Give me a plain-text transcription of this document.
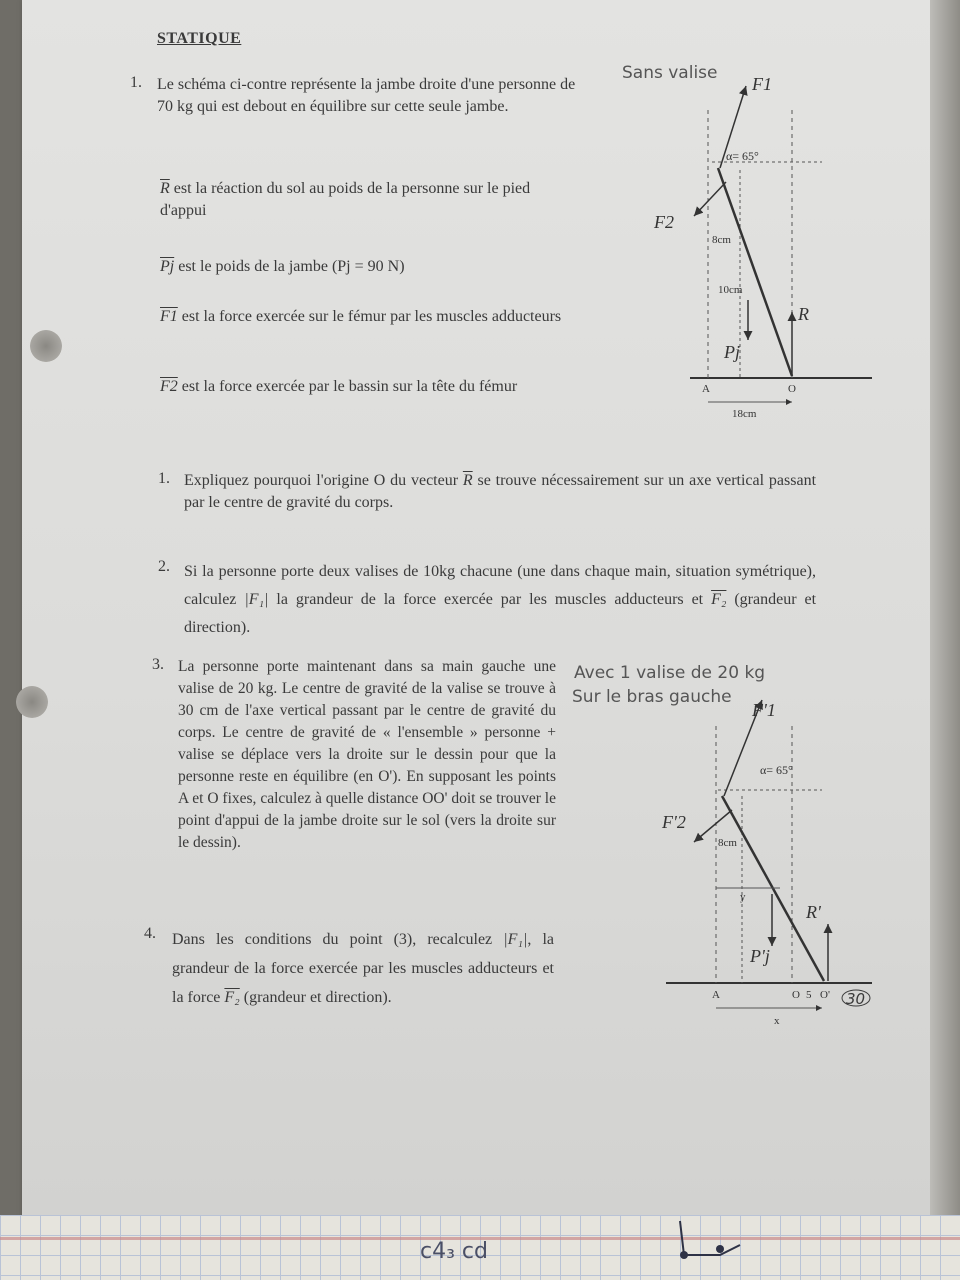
STATIQUE
1. Le schéma ci-contre représente la jambe droite d'une personne de 70 kg qui est debout en équilibre sur cette seule jambe.
$\overline{R}$ est la réaction du sol au poids de la personne sur le pied d'appui
$\overline{Pj}$ est le poids de la jambe (Pj = 90 N)
F1 est la force exercée sur le fémur par les muscles adducteurs
F2 est la force exercée par le bassin sur la tête du fémur
1. Expliquez pourquoi l'origine O du vecteur $\overline{R}$ se trouve nécessairement sur un axe vertical passant par le centre de gravité du corps.
2. Si la personne porte deux valises de 10kg chacune (une dans chaque main, situation symétrique), calculez |F₁| la grandeur de la force exercée par les muscles adducteurs et F₂ (grandeur et direction).
3. La personne porte maintenant dans sa main gauche une valise de 20 kg. Le centre de gravité de la valise se trouve à 30 cm de l'axe vertical passant par le centre de gravité du corps. Le centre de gravité de « l'ensemble » personne + valise se déplace vers la droite sur le dessin pour que la personne reste en équilibre (en O'). En supposant les points A et O fixes, calculez à quelle distance OO' doit se trouver le point d'appui de la jambe droite sur le sol (vers la droite sur le dessin).
4. Dans les conditions du point (3), recalculez |F₁|, la grandeur de la force exercée par les muscles adducteurs et la force F₂ (grandeur et direction).
Sans valise
F1
F2
α= 65°
8cm
10cm
Pj
R
A	O
18cm
Avec 1 valise de 20 kg
Sur le bras gauche
F'1
F'2
α= 65°
8cm
y
P'j
R'
A	O 5 O' 30
x
c4₃ cd
